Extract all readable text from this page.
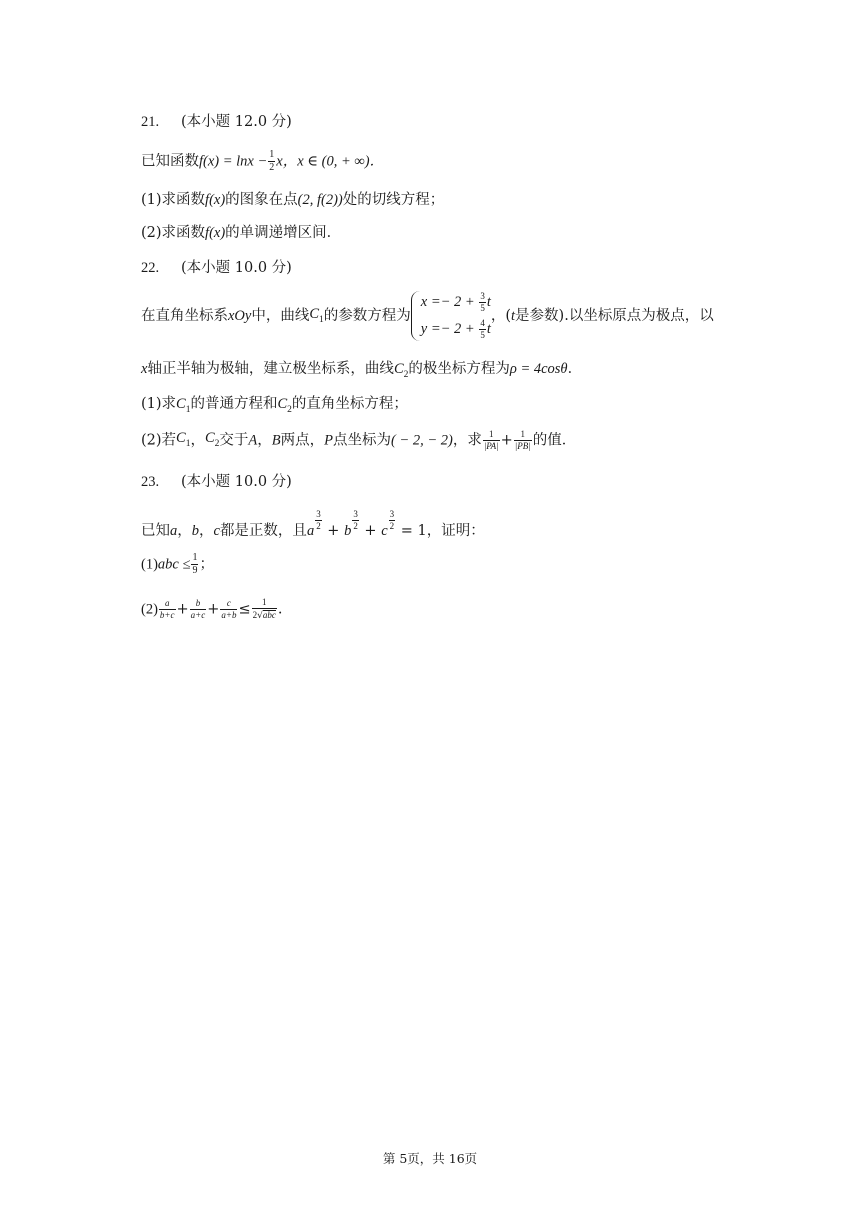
21. (本小题 12.0 分)
已知函数$f(x) = \ln x - \frac{1}{2}$ x，x ∈ (0, + ∞)．
(1)求函数f(x)的图象在点(2, f(2))处的切线方程；
(2)求函数f(x)的单调递增区间．
22. (本小题 10.0 分)
在直角坐标系xOy中，曲线$C_1$的参数方程为
$x =- 2 + \frac{3}{5}$ t
$y =- 2 + \frac{4}{5}$ t
，(t是参数).以坐标原点为极点，以
x轴正半轴为极轴，建立极坐标系，曲线$C_2$的极坐标方程为ρ = 4cosθ．
(1)求$C_1$的普通方程和$C_2$的直角坐标方程；
(2)若$C_1$，$C_2$交于A，B两点，P点坐标为( − 2, − 2)，求 $\frac{1}{|PA|} + \frac{1}{|PB|}$ 的值．
23. (本小题 10.0 分)
已知a，b，c都是正数，且a $\frac{3}{2} + b \frac{3}{2} + c \frac{3}{2} = 1$，证明：
$(1)abc \le \frac{1}{9}$ ；
$(2) \frac{a}{b+c} + \frac{b}{a+c} + \frac{c}{a+b} \le \frac{1}{\text{2√abc}}$ .
第 5页，共 16页
